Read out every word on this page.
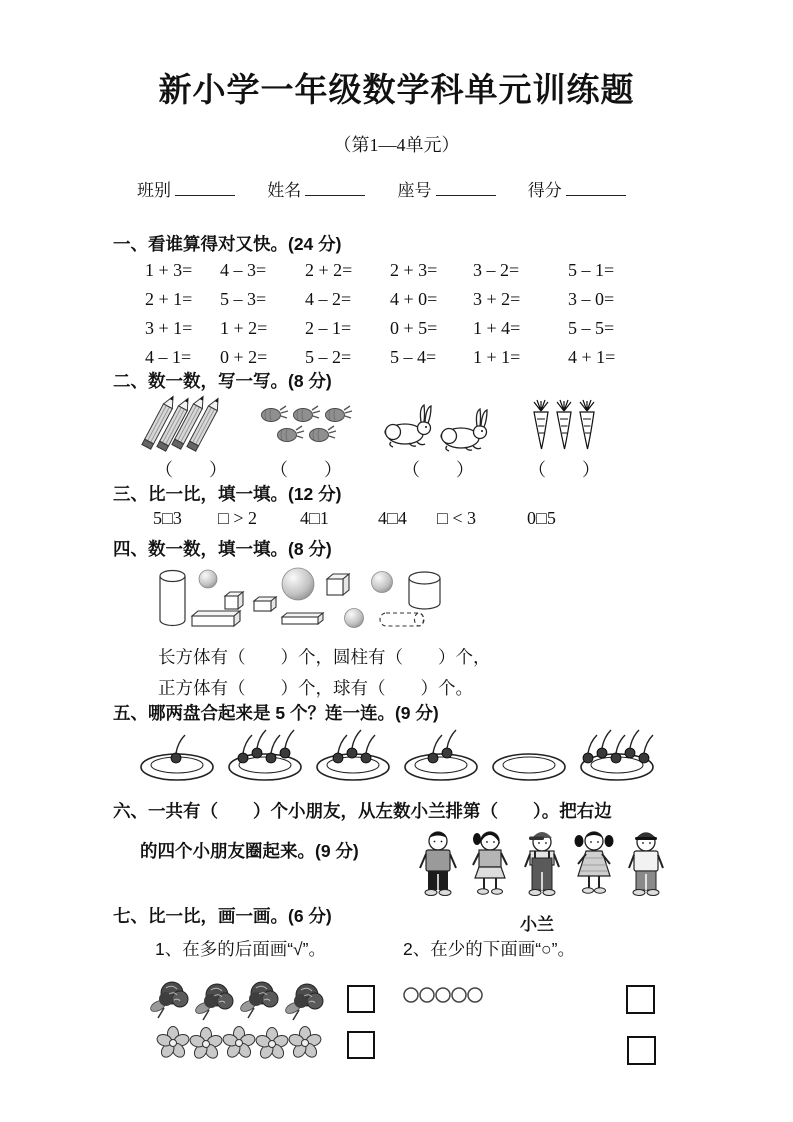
新小学一年级数学科单元训练题
（第1—4单元）
班别	姓名	座号	得分
一、看谁算得对又快。(24 分)
1 + 3=	4 – 3=	2 + 2=	2 + 3=	3 – 2=	5 – 1=
2 + 1=	5 – 3=	4 – 2=	4 + 0=	3 + 2=	3 – 0=
3 + 1=	1 + 2=	2 – 1=	0 + 5=	1 + 4=	5 – 5=
4 – 1=	0 + 2=	5 – 2=	5 – 4=	1 + 1=	4 + 1=
二、数一数，写一写。(8 分)
（　　） （　　）	（　　）	（　　）
三、比一比，填一填。(12 分)
5□3 □ > 2 4□1	4□4 □ < 3	0□5
四、数一数，填一填。(8 分)
长方体有（　　）个，圆柱有（　　）个，
正方体有（　　）个，球有（　　）个。
五、哪两盘合起来是 5 个？连一连。(9 分)
六、一共有（　　）个小朋友，从左数小兰排第（　　）。把右边
的四个小朋友圈起来。(9 分)
小兰
七、比一比，画一画。(6 分)
1、在多的后面画“√”。	2、在少的下面画“○”。
